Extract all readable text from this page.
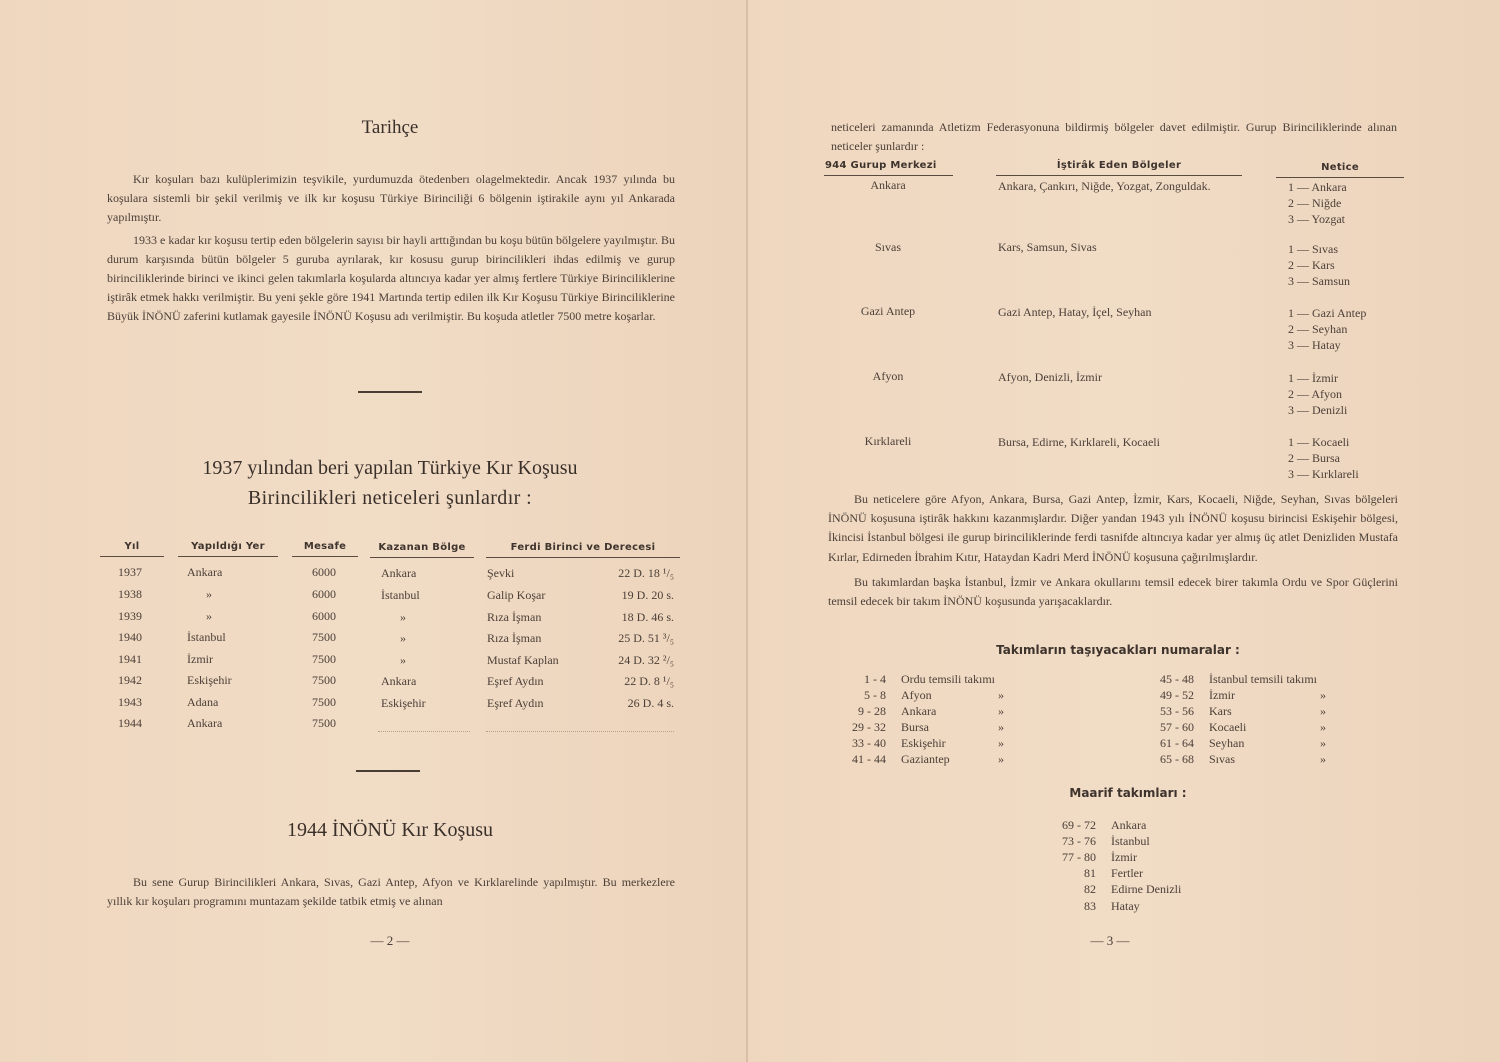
Tarihçe

Kır koşuları bazı kulüplerimizin teşvikile, yurdumuzda ötedenberı olagelmektedir. Ancak 1937 yılında bu koşulara sistemli bir şekil verilmiş ve ilk kır koşusu Türkiye Birinciliği 6 bölgenin iştirakile aynı yıl Ankarada yapılmıştır.

1933 e kadar kır koşusu tertip eden bölgelerin sayısı bir hayli arttığından bu koşu bütün bölgelere yayılmıştır. Bu durum karşısında bütün bölgeler 5 guruba ayrılarak, kır kosusu gurup birincilikleri ihdas edilmiş ve gurup birinciliklerinde birinci ve ikinci gelen takımlarla koşularda altıncıya kadar yer almış fertlere Türkiye Birinciliklerine iştirâk etmek hakkı verilmiştir. Bu yeni şekle göre 1941 Martında tertip edilen ilk Kır Koşusu Türkiye Birinciliklerine Büyük İNÖNÜ zaferini kutlamak gayesile İNÖNÜ Koşusu adı verilmiştir. Bu koşuda atletler 7500 metre koşarlar.

1937 yılından beri yapılan Türkiye Kır Koşusu
Birincilikleri neticeleri şunlardır :
Yıl	Yapıldığı Yer	Mesafe	Kazanan Bölge	Ferdi Birinci ve Derecesi
1937	Ankara	6000	Ankara	Şevki	22 D. 18 ¹/₅
1938	»	6000	İstanbul	Galip Koşar	19 D. 20 s.
1939	»	6000	»	Rıza İşman	18 D. 46 s.
1940	İstanbul	7500	»	Rıza İşman	25 D. 51 ³/₅
1941	İzmir	7500	»	Mustaf Kaplan	24 D. 32 ²/₅
1942	Eskişehir	7500	Ankara	Eşref Aydın	22 D. 8 ¹/₅
1943	Adana	7500	Eskişehir	Eşref Aydın	26 D. 4 s.
1944	Ankara	7500
1944 İNÖNÜ Kır Koşusu

Bu sene Gurup Birincilikleri Ankara, Sıvas, Gazi Antep, Afyon ve Kırklarelinde yapılmıştır. Bu merkezlere yıllık kır koşuları programını muntazam şekilde tatbik etmiş ve alınan

— 2 —

neticeleri zamanında Atletizm Federasyonuna bildirmiş bölgeler davet edilmiştir. Gurup Birinciliklerinde alınan neticeler şunlardır :

944 Gurup Merkezi	İştirâk Eden Bölgeler	Netice
Ankara	Ankara, Çankırı, Niğde, Yozgat, Zonguldak.	1 — Ankara
2 — Niğde
3 — Yozgat
Sıvas	Kars, Samsun, Sivas	1 — Sıvas
2 — Kars
3 — Samsun
Gazi Antep	Gazi Antep, Hatay, İçel, Seyhan	1 — Gazi Antep
2 — Seyhan
3 — Hatay
Afyon	Afyon, Denizli, İzmir	1 — İzmir
2 — Afyon
3 — Denizli
Kırklareli	Bursa, Edirne, Kırklareli, Kocaeli	1 — Kocaeli
2 — Bursa
3 — Kırklareli

Bu neticelere göre Afyon, Ankara, Bursa, Gazi Antep, İzmir, Kars, Kocaeli, Niğde, Seyhan, Sıvas bölgeleri İNÖNÜ koşusuna iştirâk hakkını kazanmışlardır. Diğer yandan 1943 yılı İNÖNÜ koşusu birincisi Eskişehir bölgesi, İkincisi İstanbul bölgesi ile gurup birinciliklerinde ferdi tasnifde altıncıya kadar yer almış üç atlet Denizliden Mustafa Kırlar, Edirneden İbrahim Kıtır, Hataydan Kadri Merd İNÖNÜ koşusuna çağırılmışlardır.

Bu takımlardan başka İstanbul, İzmir ve Ankara okullarını temsil edecek birer takımla Ordu ve Spor Güçlerini temsil edecek bir takım İNÖNÜ koşusunda yarışacaklardır.

Takımların taşıyacakları numaralar :
1 - 4 Ordu temsili takımı
5 - 8 Afyon	»
9 - 28 Ankara	»
29 - 32 Bursa	»
33 - 40 Eskişehir	»
41 - 44 Gaziantep	»
45 - 48 İstanbul temsili takımı
49 - 52 İzmir	»
53 - 56 Kars	»
57 - 60 Kocaeli	»
61 - 64 Seyhan	»
65 - 68 Sıvas	»
Maarif takımları :
69 - 72 Ankara
73 - 76 İstanbul
77 - 80 İzmir
81 Fertler
82 Edirne Denizli
83 Hatay
— 3 —
